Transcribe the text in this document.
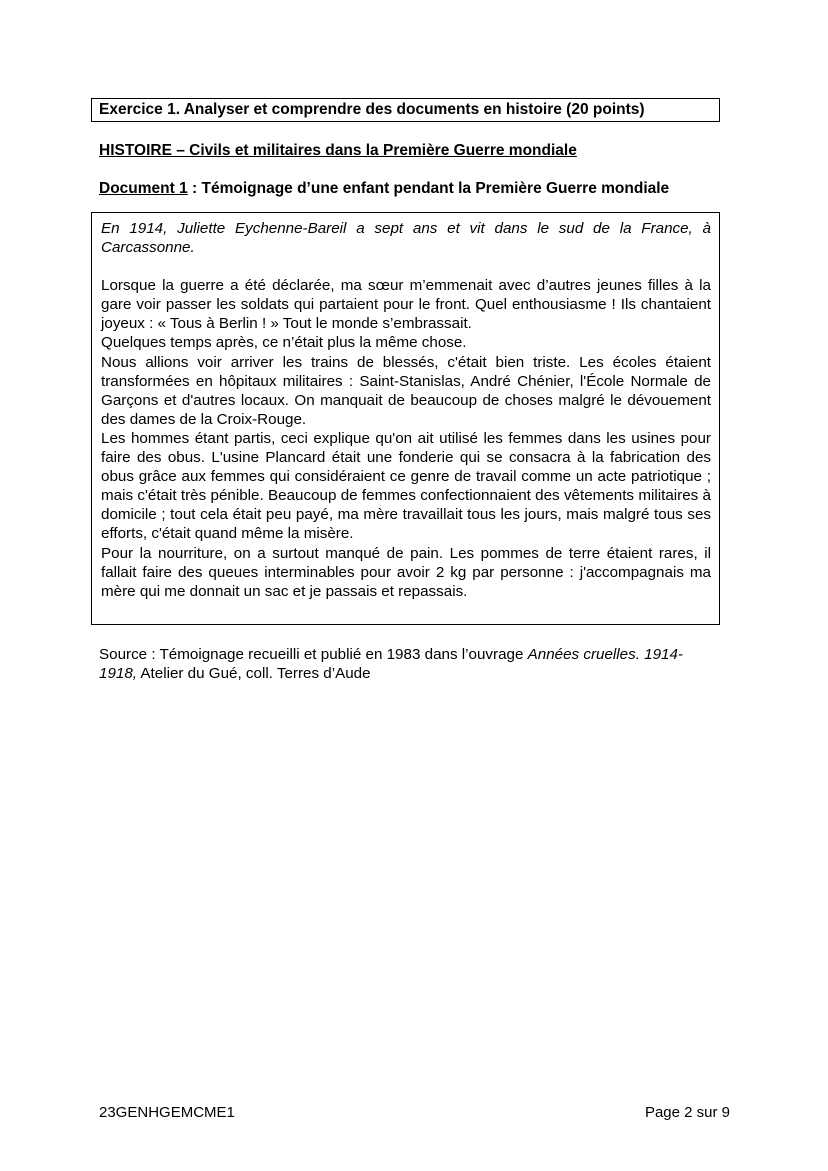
Exercice 1. Analyser et comprendre des documents en histoire (20 points)
HISTOIRE – Civils et militaires dans la Première Guerre mondiale
Document 1 : Témoignage d’une enfant pendant la Première Guerre mondiale

En 1914, Juliette Eychenne-Bareil a sept ans et vit dans le sud de la France, à Carcassonne.

Lorsque la guerre a été déclarée, ma sœur m’emmenait avec d’autres jeunes filles à la gare voir passer les soldats qui partaient pour le front. Quel enthousiasme ! Ils chantaient joyeux : « Tous à Berlin ! » Tout le monde s’embrassait.

Quelques temps après, ce n’était plus la même chose.

Nous allions voir arriver les trains de blessés, c'était bien triste. Les écoles étaient transformées en hôpitaux militaires : Saint-Stanislas, André Chénier, l'École Normale de Garçons et d'autres locaux. On manquait de beaucoup de choses malgré le dévouement des dames de la Croix-Rouge.

Les hommes étant partis, ceci explique qu'on ait utilisé les femmes dans les usines pour faire des obus. L'usine Plancard était une fonderie qui se consacra à la fabrication des obus grâce aux femmes qui considéraient ce genre de travail comme un acte patriotique ; mais c'était très pénible. Beaucoup de femmes confectionnaient des vêtements militaires à domicile ; tout cela était peu payé, ma mère travaillait tous les jours, mais malgré tous ses efforts, c'était quand même la misère.

Pour la nourriture, on a surtout manqué de pain. Les pommes de terre étaient rares, il fallait faire des queues interminables pour avoir 2 kg par personne : j'accompagnais ma mère qui me donnait un sac et je passais et repassais.

Source : Témoignage recueilli et publié en 1983 dans l’ouvrage Années cruelles. 1914-1918, Atelier du Gué, coll. Terres d’Aude
23GENHGEMCME1	Page 2 sur 9
